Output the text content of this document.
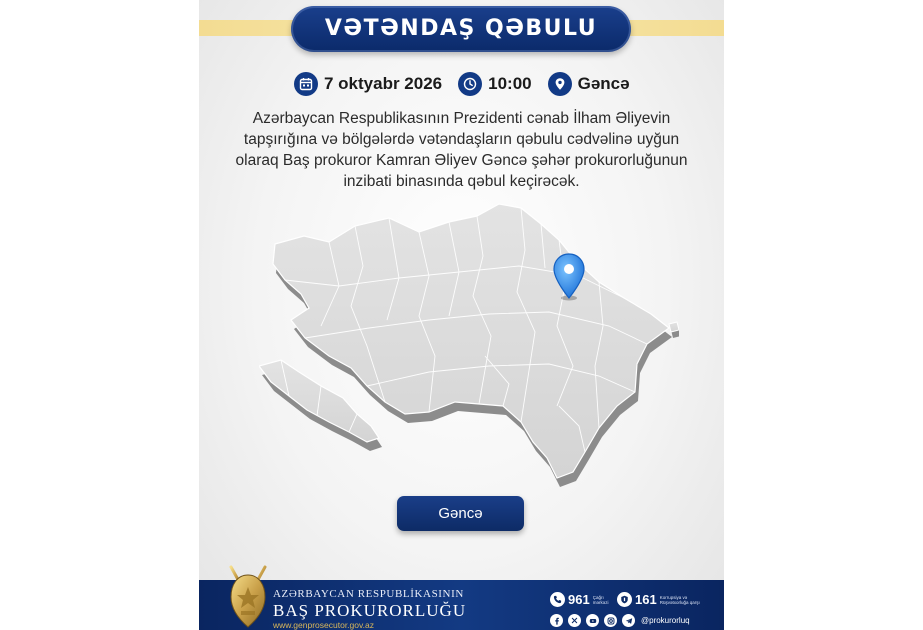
VƏTƏNDAŞ QƏBULU
7 oktyabr 2026	10:00	Gəncə
Azərbaycan Respublikasının Prezidenti cənab İlham Əliyevin tapşırığına və bölgələrdə vətəndaşların qəbulu cədvəlinə uyğun olaraq Baş prokuror Kamran Əliyev Gəncə şəhər prokurorluğunun inzibati binasında qəbul keçirəcək.
Gəncə
AZƏRBAYCAN RESPUBLİKASININ
BAŞ PROKURORLUĞU
www.genprosecutor.gov.az
961 Çağrı mərkəzi	161 Korrupsiya və Rüşvətxorluğa qarşı
@prokurorluq
